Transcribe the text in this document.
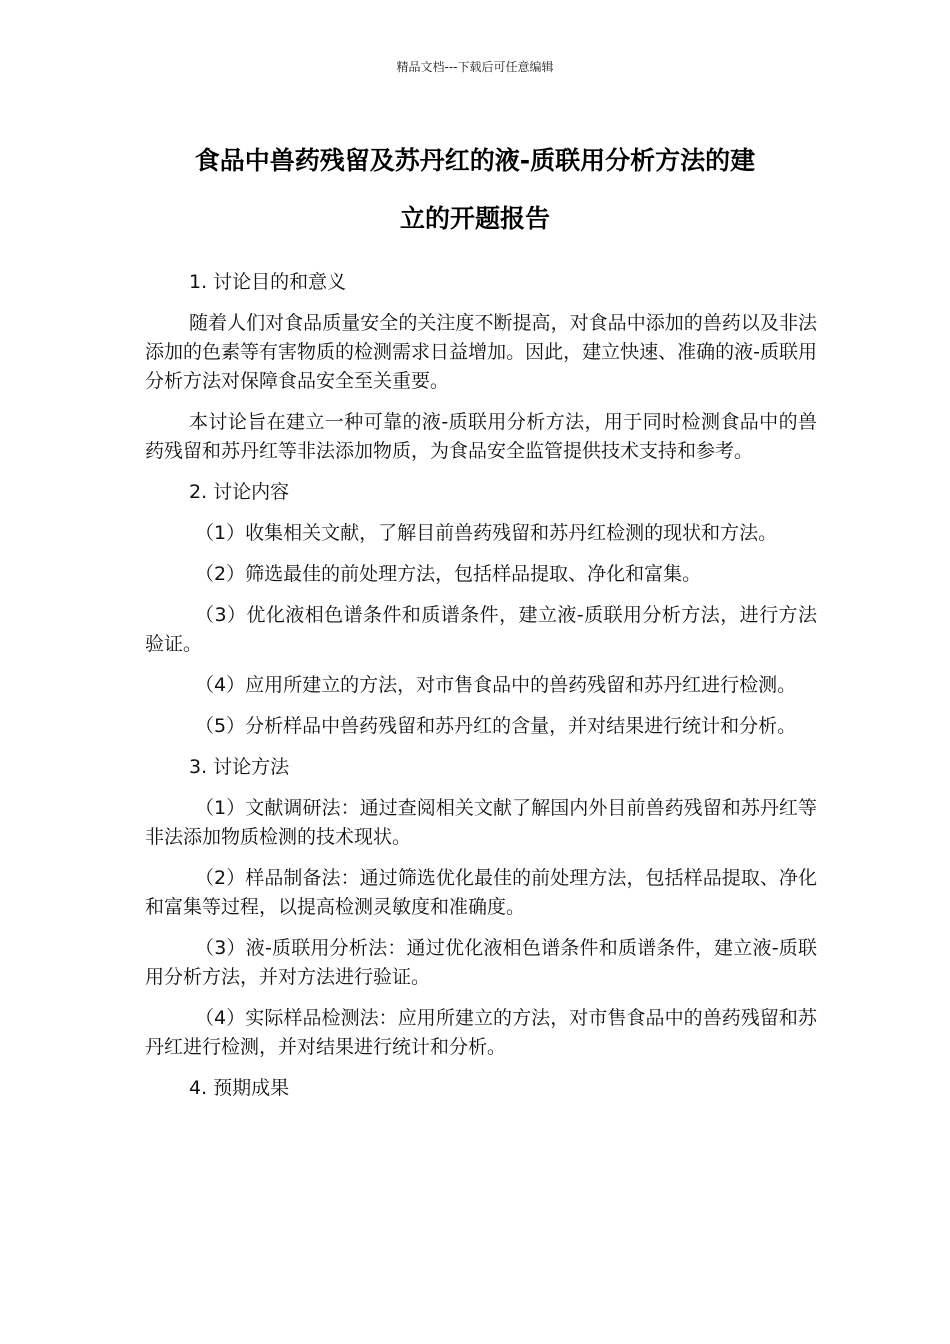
精品文档---下载后可任意编辑
食品中兽药残留及苏丹红的液-质联用分析方法的建
立的开题报告

1. 讨论目的和意义

随着人们对食品质量安全的关注度不断提高，对食品中添加的兽药以及非法添加的色素等有害物质的检测需求日益增加。因此，建立快速、准确的液-质联用分析方法对保障食品安全至关重要。

本讨论旨在建立一种可靠的液-质联用分析方法，用于同时检测食品中的兽药残留和苏丹红等非法添加物质，为食品安全监管提供技术支持和参考。

2. 讨论内容

（1）收集相关文献，了解目前兽药残留和苏丹红检测的现状和方法。

（2）筛选最佳的前处理方法，包括样品提取、净化和富集。

（3）优化液相色谱条件和质谱条件，建立液-质联用分析方法，进行方法验证。

（4）应用所建立的方法，对市售食品中的兽药残留和苏丹红进行检测。

（5）分析样品中兽药残留和苏丹红的含量，并对结果进行统计和分析。

3. 讨论方法

（1）文献调研法：通过查阅相关文献了解国内外目前兽药残留和苏丹红等非法添加物质检测的技术现状。

（2）样品制备法：通过筛选优化最佳的前处理方法，包括样品提取、净化和富集等过程，以提高检测灵敏度和准确度。

（3）液-质联用分析法：通过优化液相色谱条件和质谱条件，建立液-质联用分析方法，并对方法进行验证。

（4）实际样品检测法：应用所建立的方法，对市售食品中的兽药残留和苏丹红进行检测，并对结果进行统计和分析。

4. 预期成果
